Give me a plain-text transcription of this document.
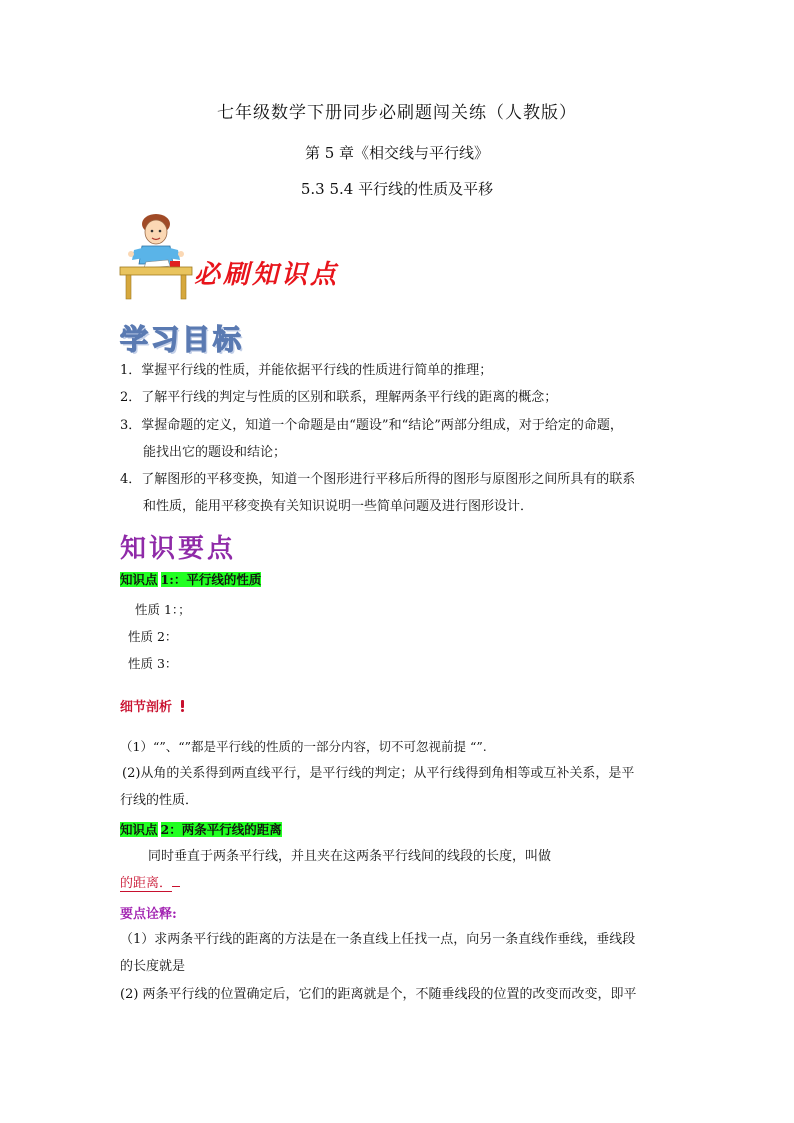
七年级数学下册同步必刷题闯关练（人教版）
第 5 章《相交线与平行线》
5.3 5.4 平行线的性质及平移
必刷知识点
学习目标
1．掌握平行线的性质，并能依据平行线的性质进行简单的推理；
2．了解平行线的判定与性质的区别和联系，理解两条平行线的距离的概念；
3．掌握命题的定义，知道一个命题是由“题设”和“结论”两部分组成，对于给定的命题，
能找出它的题设和结论；
4．了解图形的平移变换，知道一个图形进行平移后所得的图形与原图形之间所具有的联系
和性质，能用平移变换有关知识说明一些简单问题及进行图形设计．
知识要点
知识点 1:：平行线的性质
性质 1：；
性质 2：
性质 3：
细节剖析
（1）“”、“”都是平行线的性质的一部分内容，切不可忽视前提 “”.
(2)从角的关系得到两直线平行，是平行线的判定；从平行线得到角相等或互补关系，是平
行线的性质．
知识点 2：两条平行线的距离
同时垂直于两条平行线，并且夹在这两条平行线间的线段的长度，叫做
的距离．
要点诠释:
（1）求两条平行线的距离的方法是在一条直线上任找一点，向另一条直线作垂线，垂线段
的长度就是
(2) 两条平行线的位置确定后，它们的距离就是个，不随垂线段的位置的改变而改变，即平
